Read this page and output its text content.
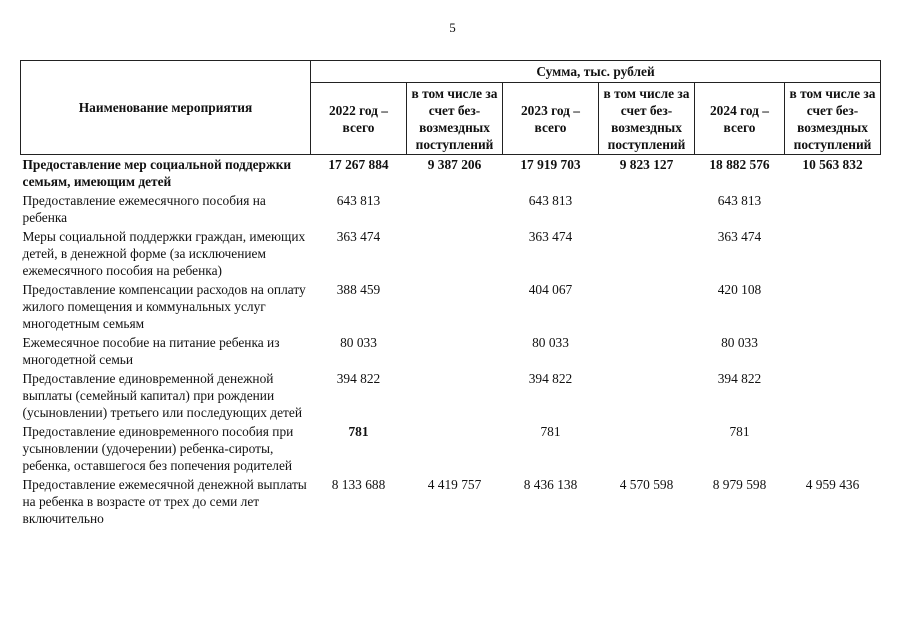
5
Наименование мероприятия	Сумма, тыс. рублей					
	2022 год – всего	в том числе за счет без-возмездных поступлений	2023 год – всего	в том числе за счет без-возмездных поступлений	2024 год – всего	в том числе за счет без-возмездных поступлений
Предоставление мер социальной поддержки семьям, имеющим детей	17 267 884	9 387 206	17 919 703	9 823 127	18 882 576	10 563 832
Предоставление ежемесячного пособия на ребенка	643 813		643 813		643 813	
Меры социальной поддержки граждан, имеющих детей, в денежной форме (за исключением ежемесячного пособия на ребенка)	363 474		363 474		363 474	
Предоставление компенсации расходов на оплату жилого помещения и коммунальных услуг многодетным семьям	388 459		404 067		420 108	
Ежемесячное пособие на питание ребенка из многодетной семьи	80 033		80 033		80 033	
Предоставление единовременной денежной выплаты (семейный капитал) при рождении (усыновлении) третьего или последующих детей	394 822		394 822		394 822	
Предоставление единовременного пособия при усыновлении (удочерении) ребенка-сироты, ребенка, оставшегося без попечения родителей	781		781		781	
Предоставление ежемесячной денежной выплаты на ребенка в возрасте от трех до семи лет включительно	8 133 688	4 419 757	8 436 138	4 570 598	8 979 598	4 959 436
